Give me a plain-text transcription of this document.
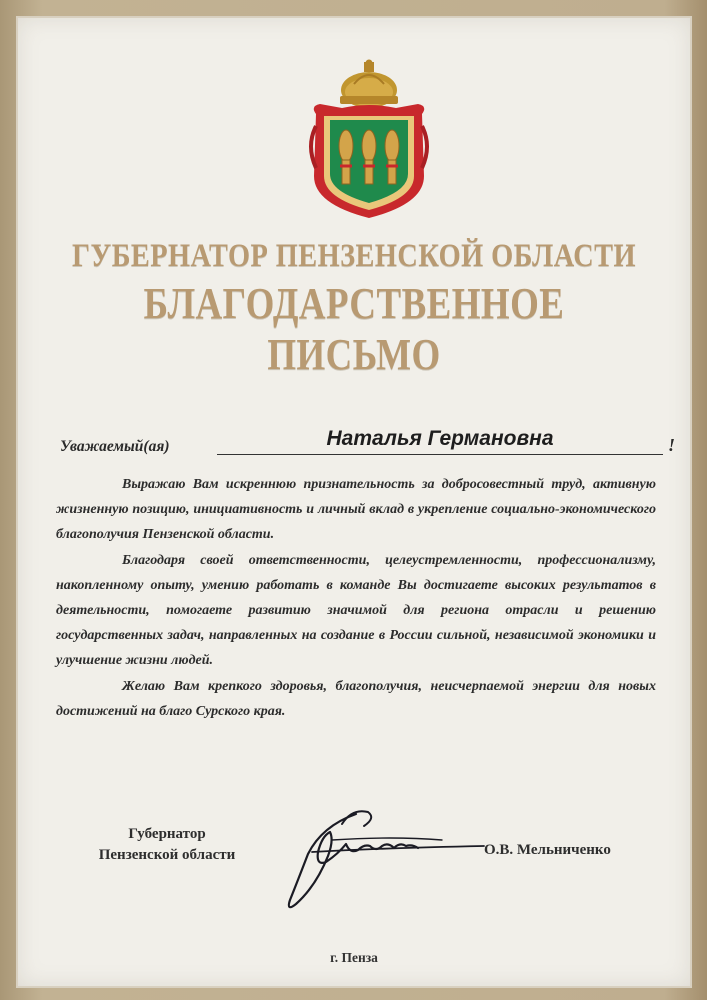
ГУБЕРНАТОР ПЕНЗЕНСКОЙ ОБЛАСТИ
БЛАГОДАРСТВЕННОЕ ПИСЬМО
Уважаемый(ая)	Наталья Германовна	!

Выражаю Вам искреннюю признательность за добросовестный труд, активную жизненную позицию, инициативность и личный вклад в укрепление социально-экономического благополучия Пензенской области.

Благодаря своей ответственности, целеустремленности, профессионализму, накопленному опыту, умению работать в команде Вы достигаете высоких результатов в деятельности, помогаете развитию значимой для региона отрасли и решению государственных задач, направленных на создание в России сильной, независимой экономики и улучшение жизни людей.

Желаю Вам крепкого здоровья, благополучия, неисчерпаемой энергии для новых достижений на благо Сурского края.

Губернатор
Пензенской области	О.В. Мельниченко
г. Пенза
